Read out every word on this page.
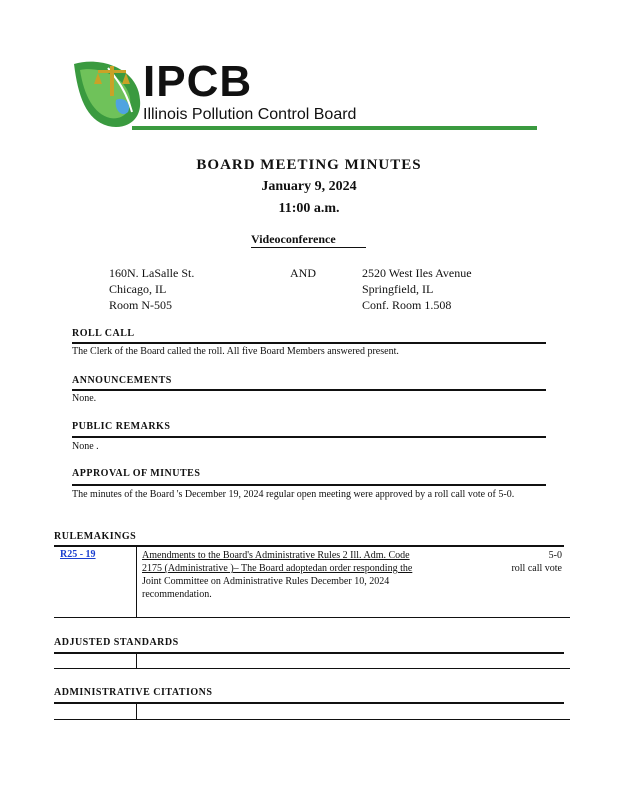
IPCB
Illinois Pollution Control Board
BOARD MEETING MINUTES
January 9, 2024
11:00 a.m.
Videoconference
160N. LaSalle St.
Chicago, IL
Room N-505
AND	2520 West Iles Avenue
Springfield, IL
Conf. Room 1.508
ROLL CALL
The Clerk of the Board called the roll. All five Board Members answered present.
ANNOUNCEMENTS
None.
PUBLIC REMARKS
None .
APPROVAL OF MINUTES
The minutes of the Board 's December 19, 2024 regular open meeting were approved by a roll call vote of 5-0.
RULEMAKINGS
R25 - 19	Amendments to the Board's Administrative Rules 2 Ill. Adm. Code
2175 (Administrative )– The Board adoptedan order responding the
Joint Committee on Administrative Rules December 10, 2024
recommendation.
5-0
roll call vote
ADJUSTED STANDARDS
ADMINISTRATIVE CITATIONS
